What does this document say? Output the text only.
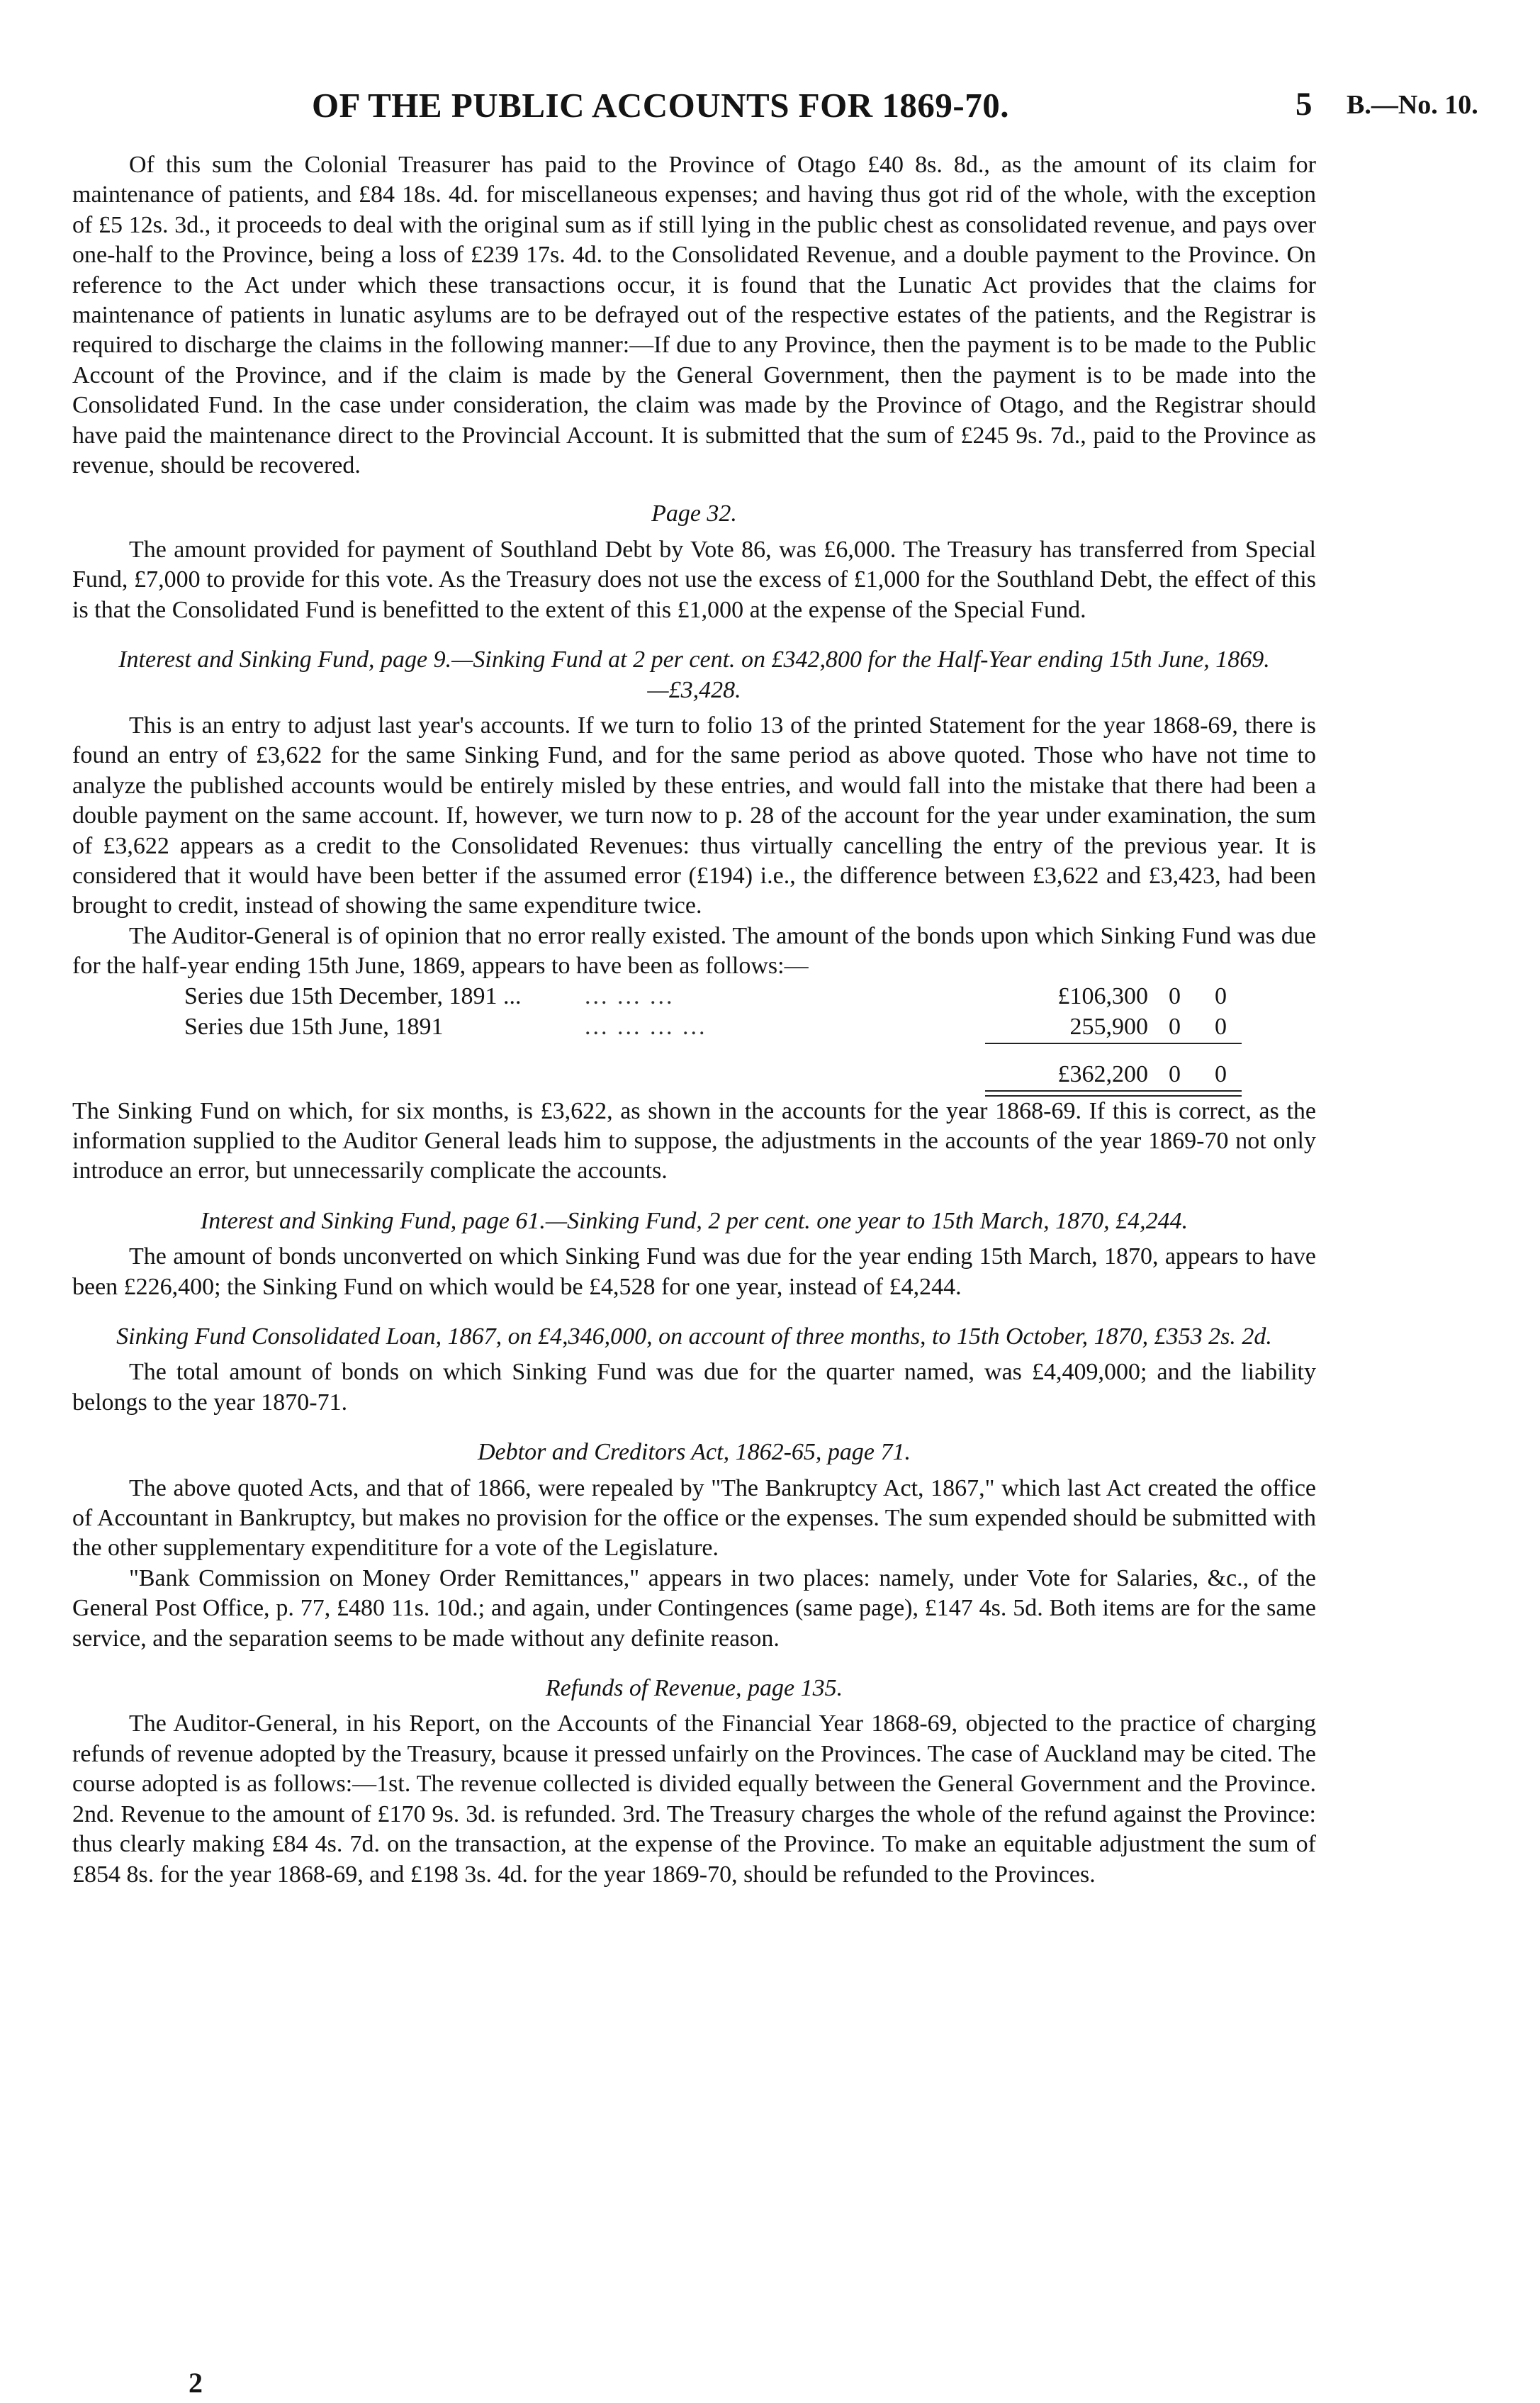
OF THE PUBLIC ACCOUNTS FOR 1869-70.	5 B.—No. 10.

Of this sum the Colonial Treasurer has paid to the Province of Otago £40 8s. 8d., as the amount of its claim for maintenance of patients, and £84 18s. 4d. for miscellaneous expenses; and having thus got rid of the whole, with the exception of £5 12s. 3d., it proceeds to deal with the original sum as if still lying in the public chest as consolidated revenue, and pays over one-half to the Province, being a loss of £239 17s. 4d. to the Consolidated Revenue, and a double payment to the Province. On reference to the Act under which these transactions occur, it is found that the Lunatic Act provides that the claims for maintenance of patients in lunatic asylums are to be defrayed out of the respective estates of the patients, and the Registrar is required to discharge the claims in the following manner:—If due to any Province, then the payment is to be made to the Public Account of the Province, and if the claim is made by the General Government, then the payment is to be made into the Consolidated Fund. In the case under consideration, the claim was made by the Province of Otago, and the Registrar should have paid the maintenance direct to the Provincial Account. It is submitted that the sum of £245 9s. 7d., paid to the Province as revenue, should be recovered.

Page 32.

The amount provided for payment of Southland Debt by Vote 86, was £6,000. The Treasury has transferred from Special Fund, £7,000 to provide for this vote. As the Treasury does not use the excess of £1,000 for the Southland Debt, the effect of this is that the Consolidated Fund is benefitted to the extent of this £1,000 at the expense of the Special Fund.

Interest and Sinking Fund, page 9.—Sinking Fund at 2 per cent. on £342,800 for the Half-Year ending 15th June, 1869.—£3,428.

This is an entry to adjust last year's accounts. If we turn to folio 13 of the printed Statement for the year 1868-69, there is found an entry of £3,622 for the same Sinking Fund, and for the same period as above quoted. Those who have not time to analyze the published accounts would be entirely misled by these entries, and would fall into the mistake that there had been a double payment on the same account. If, however, we turn now to p. 28 of the account for the year under examination, the sum of £3,622 appears as a credit to the Consolidated Revenues: thus virtually cancelling the entry of the previous year. It is considered that it would have been better if the assumed error (£194) i.e., the difference between £3,622 and £3,423, had been brought to credit, instead of showing the same expenditure twice.

The Auditor-General is of opinion that no error really existed. The amount of the bonds upon which Sinking Fund was due for the half-year ending 15th June, 1869, appears to have been as follows:—

Series due 15th December, 1891 ...	... ... ...	£106,300 0	0
Series due 15th June, 1891	... ... ... ...	255,900 0	0
£362,200 0	0

The Sinking Fund on which, for six months, is £3,622, as shown in the accounts for the year 1868-69. If this is correct, as the information supplied to the Auditor General leads him to suppose, the adjustments in the accounts of the year 1869-70 not only introduce an error, but unnecessarily complicate the accounts.

Interest and Sinking Fund, page 61.—Sinking Fund, 2 per cent. one year to 15th March, 1870, £4,244.

The amount of bonds unconverted on which Sinking Fund was due for the year ending 15th March, 1870, appears to have been £226,400; the Sinking Fund on which would be £4,528 for one year, instead of £4,244.

Sinking Fund Consolidated Loan, 1867, on £4,346,000, on account of three months, to 15th October, 1870, £353 2s. 2d.

The total amount of bonds on which Sinking Fund was due for the quarter named, was £4,409,000; and the liability belongs to the year 1870-71.

Debtor and Creditors Act, 1862-65, page 71.

The above quoted Acts, and that of 1866, were repealed by "The Bankruptcy Act, 1867," which last Act created the office of Accountant in Bankruptcy, but makes no provision for the office or the expenses. The sum expended should be submitted with the other supplementary expendititure for a vote of the Legislature.

"Bank Commission on Money Order Remittances," appears in two places: namely, under Vote for Salaries, &c., of the General Post Office, p. 77, £480 11s. 10d.; and again, under Contingences (same page), £147 4s. 5d. Both items are for the same service, and the separation seems to be made without any definite reason.

Refunds of Revenue, page 135.

The Auditor-General, in his Report, on the Accounts of the Financial Year 1868-69, objected to the practice of charging refunds of revenue adopted by the Treasury, bcause it pressed unfairly on the Provinces. The case of Auckland may be cited. The course adopted is as follows:—1st. The revenue collected is divided equally between the General Government and the Province. 2nd. Revenue to the amount of £170 9s. 3d. is refunded. 3rd. The Treasury charges the whole of the refund against the Province: thus clearly making £84 4s. 7d. on the transaction, at the expense of the Province. To make an equitable adjustment the sum of £854 8s. for the year 1868-69, and £198 3s. 4d. for the year 1869-70, should be refunded to the Provinces.

2
